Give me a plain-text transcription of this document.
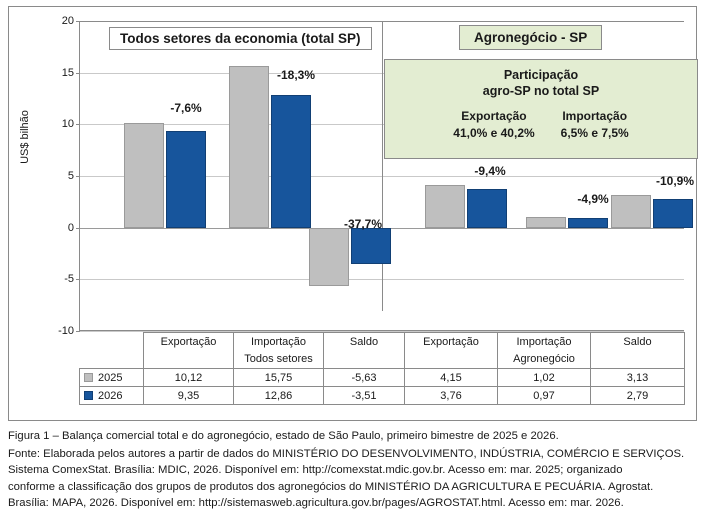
US$ bilhão
20
15
10
5
0
-5
-10
-7,6%
-18,3%
-37,7%
-9,4%
-4,9%
-10,9%
Todos setores da economia (total SP)	Agronegócio - SP
Participação
agro-SP no total SP
Exportação
41,0% e 40,2%
Importação
6,5% e 7,5%
	Exportação	Importação	Saldo	Exportação	Importação	Saldo
		Todos setores			Agronegócio	
2025	10,12	15,75	-5,63	4,15	1,02	3,13
2026	9,35	12,86	-3,51	3,76	0,97	2,79
Figura 1 – Balança comercial total e do agronegócio, estado de São Paulo, primeiro bimestre de 2025 e 2026.
Fonte: Elaborada pelos autores a partir de dados do MINISTÉRIO DO DESENVOLVIMENTO, INDÚSTRIA, COMÉRCIO E SERVIÇOS.
Sistema ComexStat. Brasília: MDIC, 2026. Disponível em: http://comexstat.mdic.gov.br. Acesso em: mar. 2025; organizado
conforme a classificação dos grupos de produtos dos agronegócios do MINISTÉRIO DA AGRICULTURA E PECUÁRIA. Agrostat.
Brasília: MAPA, 2026. Disponível em: http://sistemasweb.agricultura.gov.br/pages/AGROSTAT.html. Acesso em: mar. 2026.
